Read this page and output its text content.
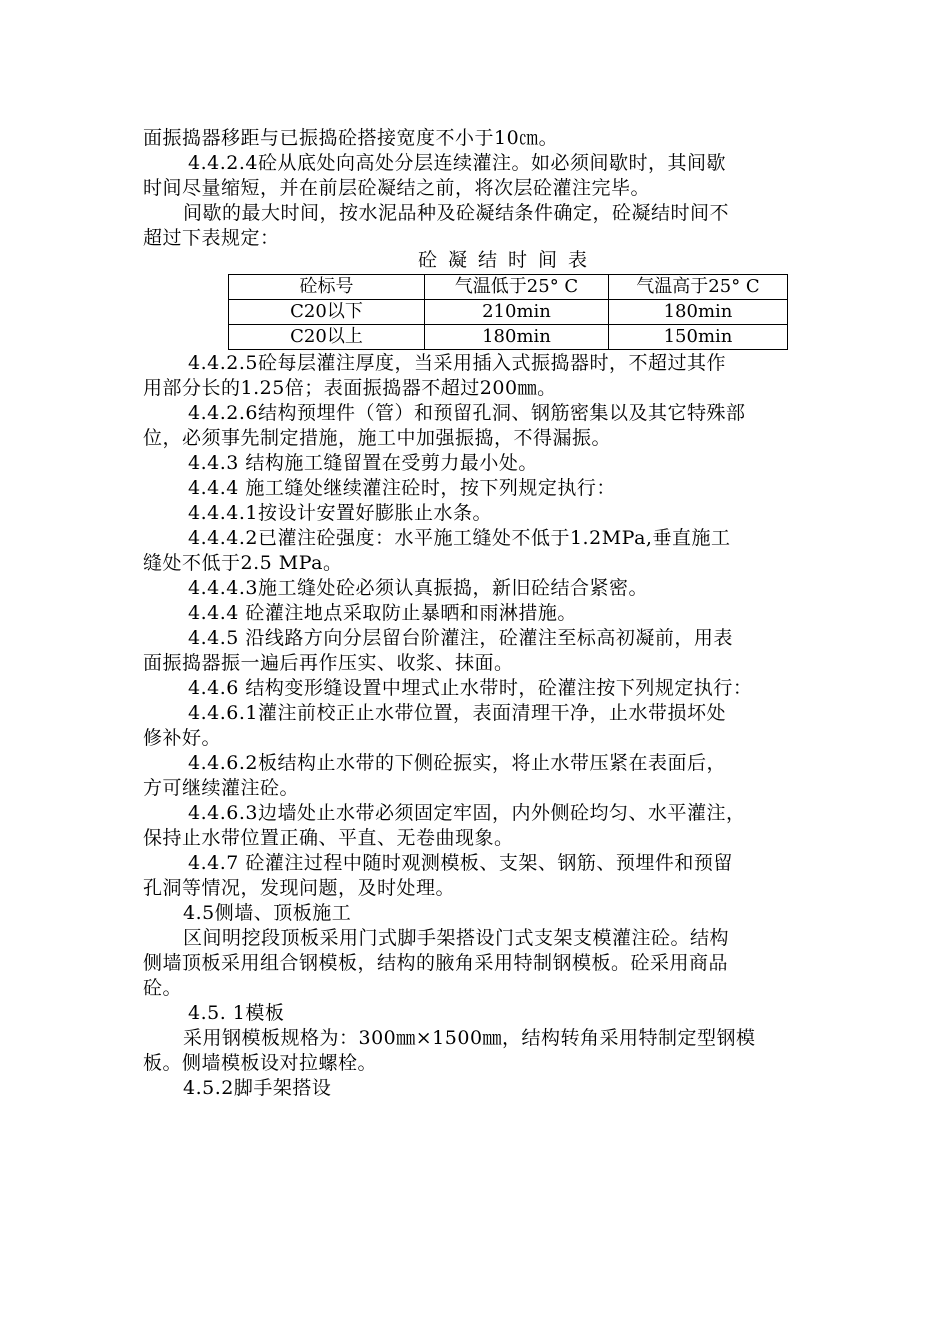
面振捣器移距与已振捣砼搭接宽度不小于10㎝。
4.4.2.4砼从底处向高处分层连续灌注。如必须间歇时，其间歇
时间尽量缩短，并在前层砼凝结之前，将次层砼灌注完毕。
间歇的最大时间，按水泥品种及砼凝结条件确定，砼凝结时间不
超过下表规定：
砼凝结时间表
砼标号	气温低于25° C	气温高于25° C
C20以下	210min	180min
C20以上	180min	150min
4.4.2.5砼每层灌注厚度，当采用插入式振捣器时，不超过其作
用部分长的1.25倍；表面振捣器不超过200㎜。
4.4.2.6结构预埋件（管）和预留孔洞、钢筋密集以及其它特殊部
位，必须事先制定措施，施工中加强振捣，不得漏振。
4.4.3 结构施工缝留置在受剪力最小处。
4.4.4 施工缝处继续灌注砼时，按下列规定执行：
4.4.4.1按设计安置好膨胀止水条。
4.4.4.2已灌注砼强度：水平施工缝处不低于1.2MPa,垂直施工
缝处不低于2.5 MPa。
4.4.4.3施工缝处砼必须认真振捣，新旧砼结合紧密。
4.4.4 砼灌注地点采取防止暴晒和雨淋措施。
4.4.5 沿线路方向分层留台阶灌注，砼灌注至标高初凝前，用表
面振捣器振一遍后再作压实、收浆、抹面。
4.4.6 结构变形缝设置中埋式止水带时，砼灌注按下列规定执行：
4.4.6.1灌注前校正止水带位置，表面清理干净，止水带损坏处
修补好。
4.4.6.2板结构止水带的下侧砼振实，将止水带压紧在表面后，
方可继续灌注砼。
4.4.6.3边墙处止水带必须固定牢固，内外侧砼均匀、水平灌注，
保持止水带位置正确、平直、无卷曲现象。
4.4.7 砼灌注过程中随时观测模板、支架、钢筋、预埋件和预留
孔洞等情况，发现问题，及时处理。
4.5侧墙、顶板施工
区间明挖段顶板采用门式脚手架搭设门式支架支模灌注砼。结构
侧墙顶板采用组合钢模板，结构的腋角采用特制钢模板。砼采用商品
砼。
4.5. 1模板
采用钢模板规格为：300㎜×1500㎜，结构转角采用特制定型钢模
板。侧墙模板设对拉螺栓。
4.5.2脚手架搭设
